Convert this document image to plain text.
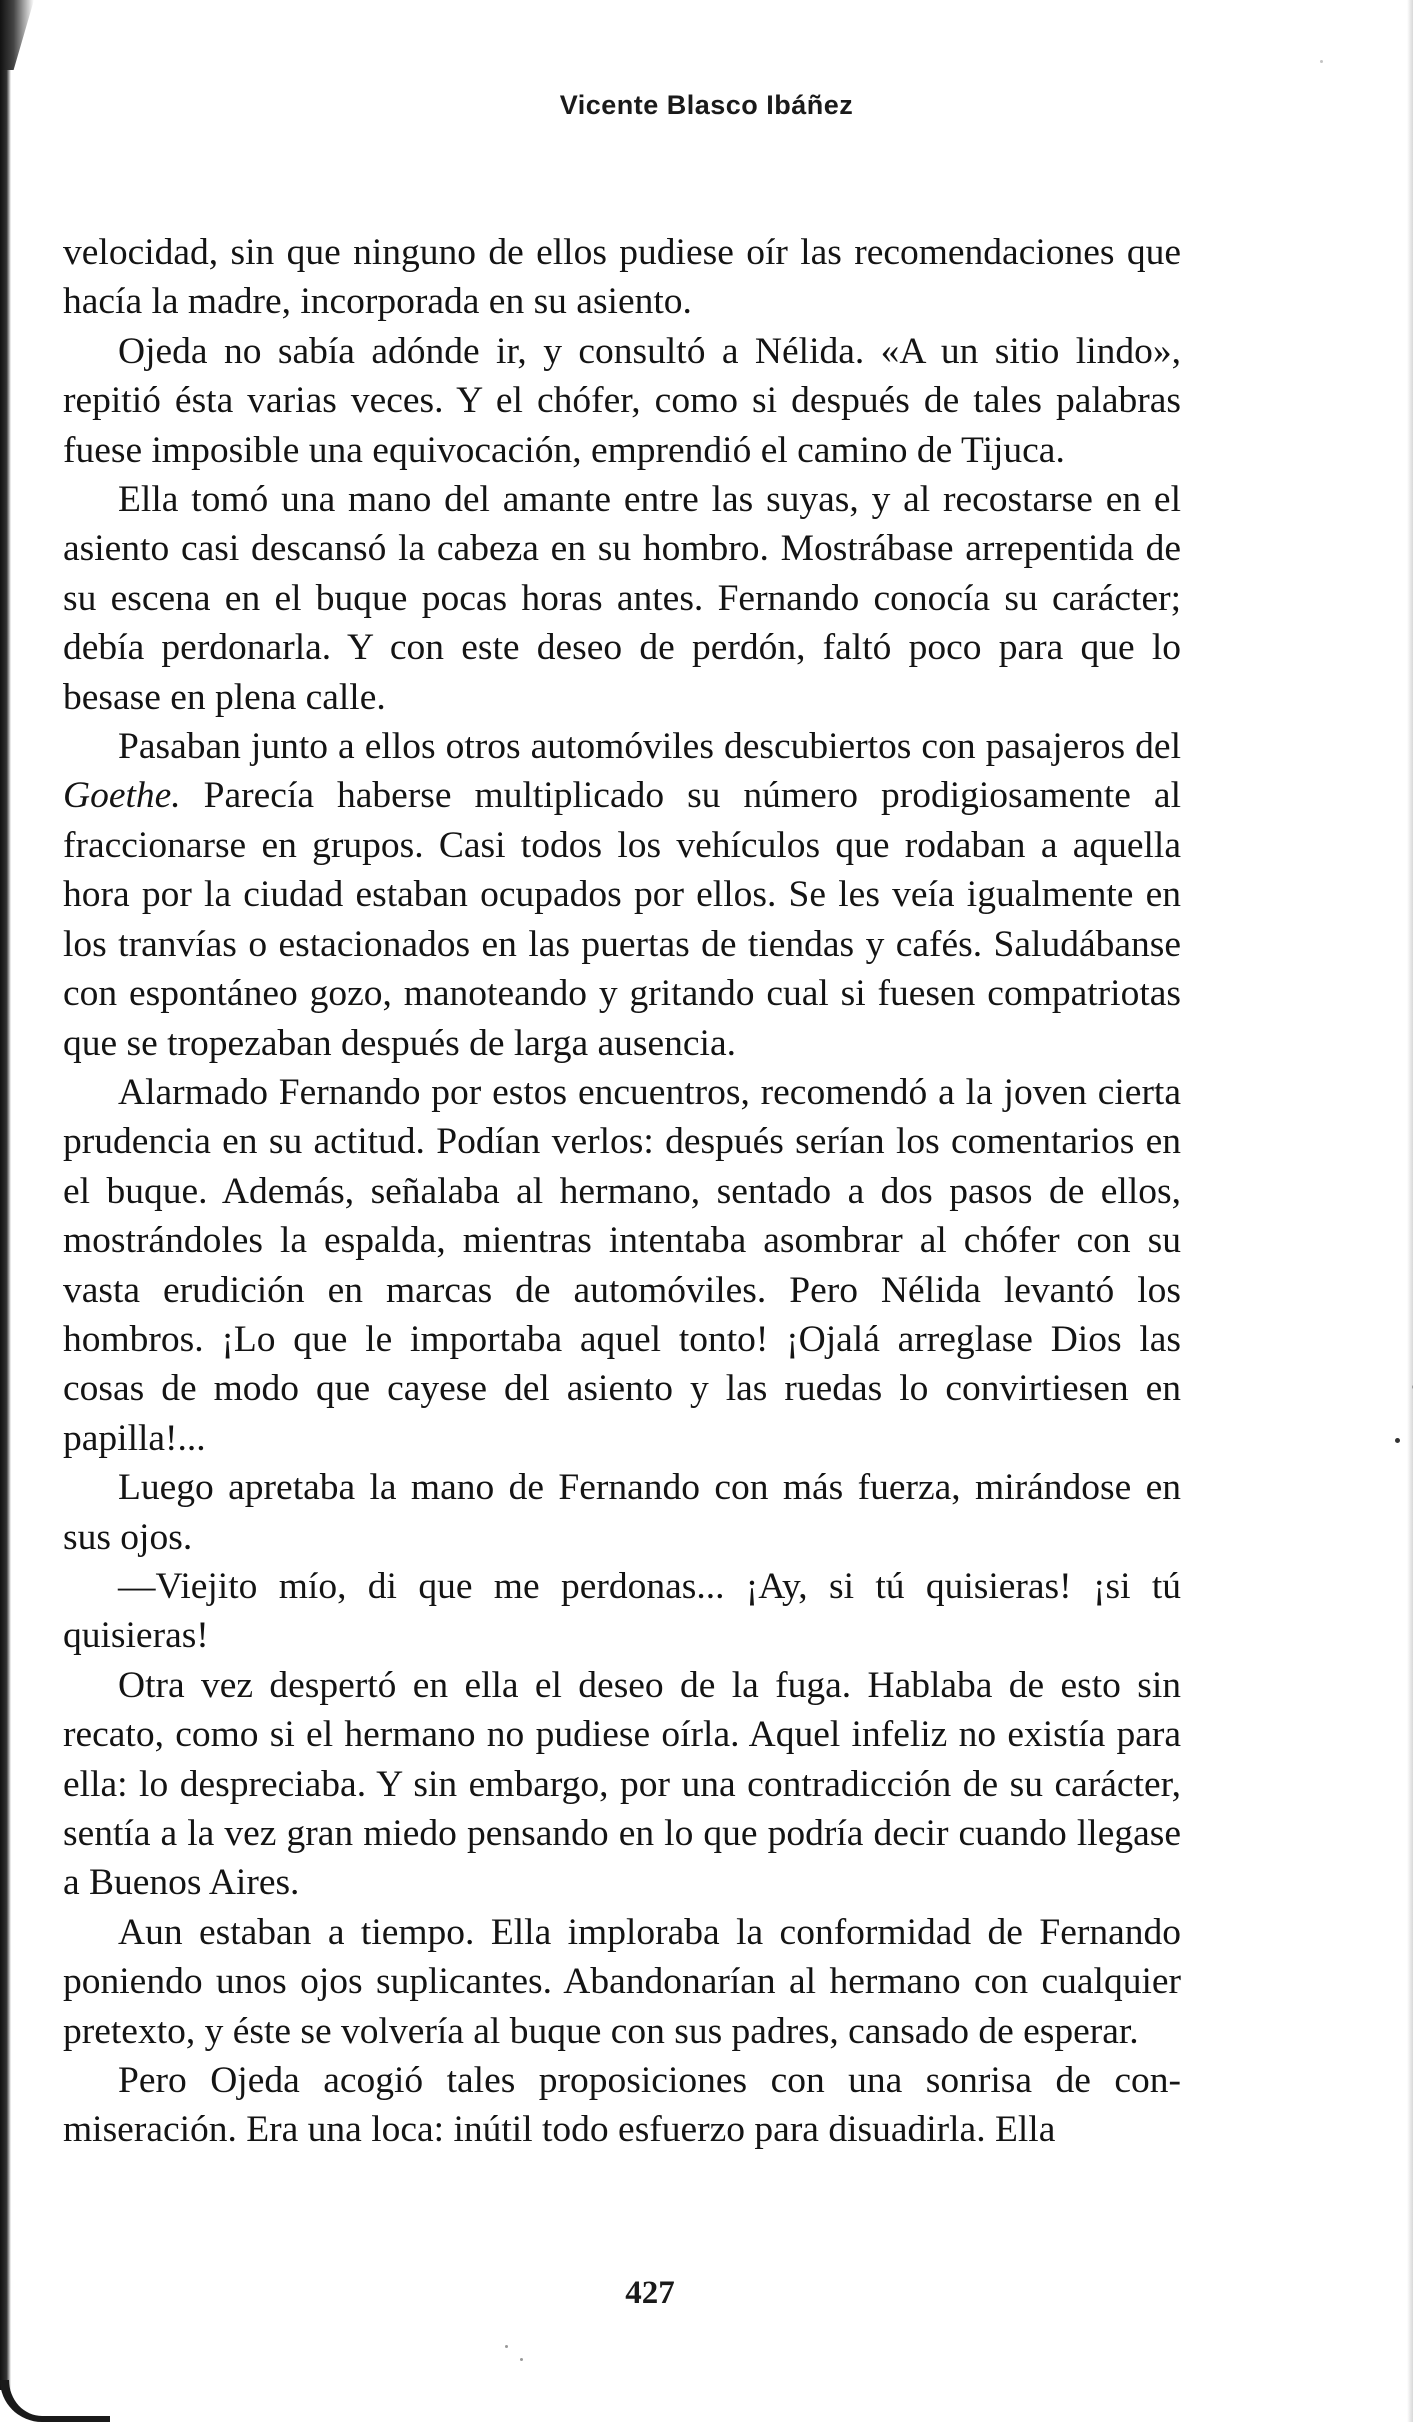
Vicente Blasco Ibáñez

velocidad, sin que ninguno de ellos pudiese oír las recomendaciones que hacía la madre, incorporada en su asiento.

Ojeda no sabía adónde ir, y consultó a Nélida. «A un sitio lindo», repitió ésta varias veces. Y el chófer, como si después de tales palabras fuese imposible una equivocación, emprendió el camino de Tijuca.

Ella tomó una mano del amante entre las suyas, y al recostarse en el asiento casi descansó la cabeza en su hombro. Mostrábase arrepentida de su escena en el buque pocas horas antes. Fernando conocía su carácter; debía perdonarla. Y con este deseo de perdón, faltó poco para que lo besase en plena calle.

Pasaban junto a ellos otros automóviles descubiertos con pasajeros del Goethe. Parecía haberse multiplicado su número prodigiosamente al fraccionarse en grupos. Casi todos los vehículos que rodaban a aquella hora por la ciudad estaban ocupados por ellos. Se les veía igualmente en los tranvías o estacionados en las puertas de tiendas y cafés. Saludábanse con espontáneo gozo, manoteando y gritando cual si fuesen compatriotas que se tropezaban después de larga ausencia.

Alarmado Fernando por estos encuentros, recomendó a la joven cierta prudencia en su actitud. Podían verlos: después serían los comentarios en el buque. Además, señalaba al hermano, sentado a dos pasos de ellos, mostrándoles la espalda, mientras intentaba asombrar al chófer con su vasta erudición en marcas de automóviles. Pero Nélida levantó los hombros. ¡Lo que le importaba aquel tonto! ¡Ojalá arreglase Dios las cosas de modo que cayese del asiento y las ruedas lo convirtiesen en papilla!...

Luego apretaba la mano de Fernando con más fuerza, mirándose en sus ojos.

—Viejito mío, di que me perdonas... ¡Ay, si tú quisieras! ¡si tú quisieras!

Otra vez despertó en ella el deseo de la fuga. Hablaba de esto sin recato, como si el hermano no pudiese oírla. Aquel infeliz no existía para ella: lo despreciaba. Y sin embargo, por una contradicción de su carácter, sentía a la vez gran miedo pensando en lo que podría decir cuando llegase a Buenos Aires.

Aun estaban a tiempo. Ella imploraba la conformidad de Fernando poniendo unos ojos suplicantes. Abandonarían al hermano con cualquier pretexto, y éste se volvería al buque con sus padres, cansado de esperar.

Pero Ojeda acogió tales proposiciones con una sonrisa de conmiseración. Era una loca: inútil todo esfuerzo para disuadirla. Ella

427
